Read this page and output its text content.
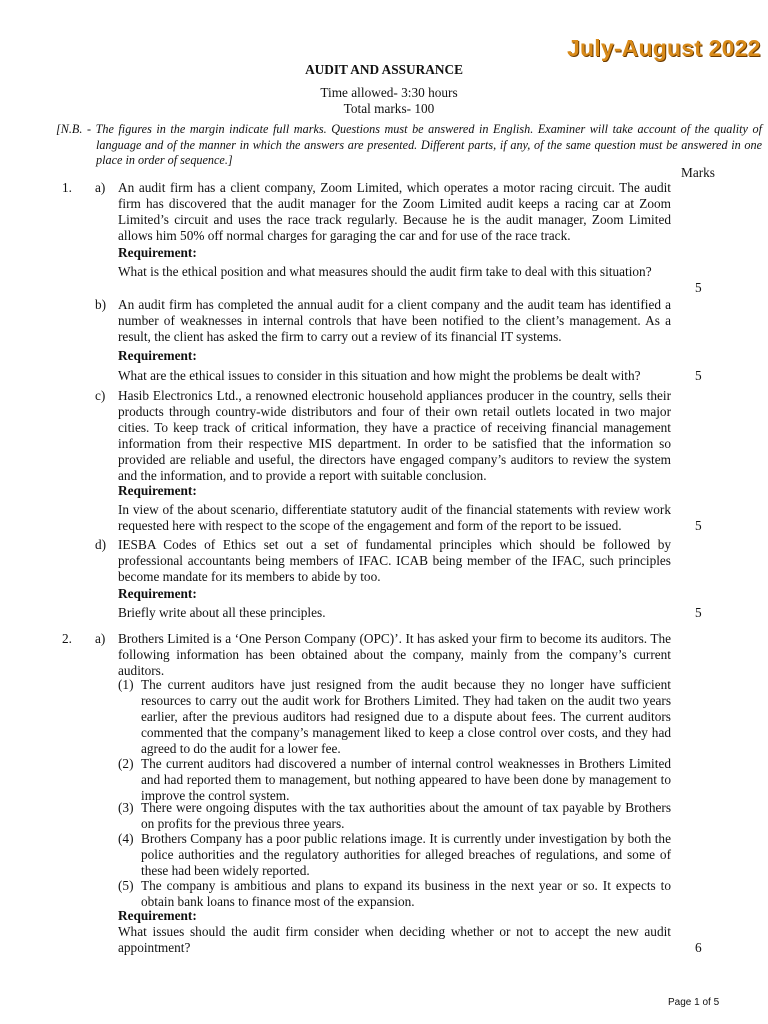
July-August 2022
AUDIT AND ASSURANCE
Time allowed- 3:30 hours
Total marks- 100
[N.B. - The figures in the margin indicate full marks. Questions must be answered in English. Examiner will take account of the quality of language and of the manner in which the answers are presented. Different parts, if any, of the same question must be answered in one place in order of sequence.]
Marks
1. a) An audit firm has a client company, Zoom Limited, which operates a motor racing circuit. The audit firm has discovered that the audit manager for the Zoom Limited audit keeps a racing car at Zoom Limited’s circuit and uses the race track regularly. Because he is the audit manager, Zoom Limited allows him 50% off normal charges for garaging the car and for use of the race track.
Requirement:
What is the ethical position and what measures should the audit firm take to deal with this situation?
5
b) An audit firm has completed the annual audit for a client company and the audit team has identified a number of weaknesses in internal controls that have been notified to the client’s management. As a result, the client has asked the firm to carry out a review of its financial IT systems.
Requirement:
What are the ethical issues to consider in this situation and how might the problems be dealt with?	5
c) Hasib Electronics Ltd., a renowned electronic household appliances producer in the country, sells their products through country-wide distributors and four of their own retail outlets located in two major cities. To keep track of critical information, they have a practice of receiving financial management information from their respective MIS department. In order to be satisfied that the information so provided are reliable and useful, the directors have engaged company’s auditors to review the system and the information, and to provide a report with suitable conclusion.
Requirement:
In view of the about scenario, differentiate statutory audit of the financial statements with review work requested here with respect to the scope of the engagement and form of the report to be issued.	5
d) IESBA Codes of Ethics set out a set of fundamental principles which should be followed by professional accountants being members of IFAC. ICAB being member of the IFAC, such principles become mandate for its members to abide by too.
Requirement:
Briefly write about all these principles.	5
2. a) Brothers Limited is a ‘One Person Company (OPC)’. It has asked your firm to become its auditors. The following information has been obtained about the company, mainly from the company’s current auditors.
(1) The current auditors have just resigned from the audit because they no longer have sufficient resources to carry out the audit work for Brothers Limited. They had taken on the audit two years earlier, after the previous auditors had resigned due to a dispute about fees. The current auditors commented that the company’s management liked to keep a close control over costs, and they had agreed to do the audit for a lower fee.
(2) The current auditors had discovered a number of internal control weaknesses in Brothers Limited and had reported them to management, but nothing appeared to have been done by management to improve the control system.
(3) There were ongoing disputes with the tax authorities about the amount of tax payable by Brothers on profits for the previous three years.
(4) Brothers Company has a poor public relations image. It is currently under investigation by both the police authorities and the regulatory authorities for alleged breaches of regulations, and some of these had been widely reported.
(5) The company is ambitious and plans to expand its business in the next year or so. It expects to obtain bank loans to finance most of the expansion.
Requirement:
What issues should the audit firm consider when deciding whether or not to accept the new audit appointment?	6
Page 1 of 5
